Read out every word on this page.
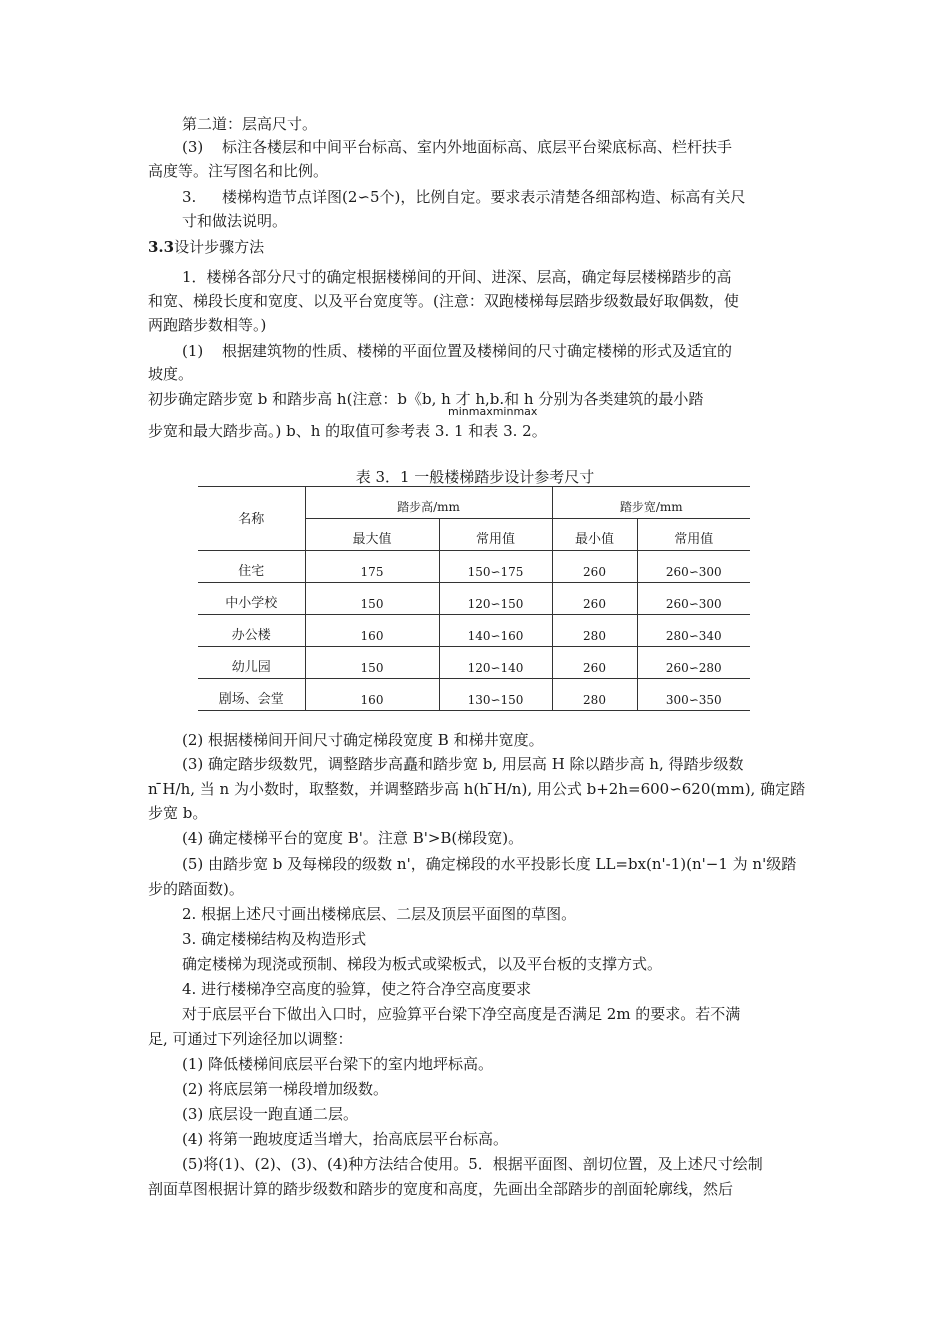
第二道：层高尺寸。
(3) 标注各楼层和中间平台标高、室内外地面标高、底层平台梁底标高、栏杆扶手
高度等。注写图名和比例。
3. 楼梯构造节点详图(2∽5个)，比例自定。要求表示清楚各细部构造、标高有关尺
寸和做法说明。
3.3设计步骤方法
1．楼梯各部分尺寸的确定根据楼梯间的开间、进深、层高，确定每层楼梯踏步的高
和宽、梯段长度和宽度、以及平台宽度等。(注意：双跑楼梯每层踏步级数最好取偶数，使
两跑踏步数相等。)
(1) 根据建筑物的性质、楼梯的平面位置及楼梯间的尺寸确定楼梯的形式及适宜的
坡度。
初步确定踏步宽 b 和踏步高 h(注意：b《b, h 才 h,b.和 h 分别为各类建筑的最小踏
minmaxminmax
步宽和最大踏步高。) b、h 的取值可参考表 3. 1 和表 3. 2。
表 3．1 一般楼梯踏步设计参考尺寸
名称	踏步高/mm		踏步宽/mm	
	最大值	常用值	最小值	常用值
住宅	175	150∽175	260	260∽300
中小学校	150	120∽150	260	260∽300
办公楼	160	140∽160	280	280∽340
幼儿园	150	120∽140	260	260∽280
剧场、会堂	160	130∽150	280	300∽350
(2) 根据楼梯间开间尺寸确定梯段宽度 B 和梯井宽度。
(3) 确定踏步级数咒，调整踏步高矗和踏步宽 b, 用层高 H 除以踏步高 h, 得踏步级数
n ̄H/h, 当 n 为小数时，取整数，并调整踏步高 h(h ̄H/n), 用公式 b+2h=600∽620(mm), 确定踏
步宽 b。
(4) 确定楼梯平台的宽度 B'。注意 B'>B(梯段宽)。
(5) 由踏步宽 b 及每梯段的级数 n'，确定梯段的水平投影长度 LL=bx(n'-1)(n'−1 为 n'级踏
步的踏面数)。
2. 根据上述尺寸画出楼梯底层、二层及顶层平面图的草图。
3. 确定楼梯结构及构造形式
确定楼梯为现浇或预制、梯段为板式或梁板式，以及平台板的支撑方式。
4. 进行楼梯净空高度的验算，使之符合净空高度要求
对于底层平台下做出入口时，应验算平台梁下净空高度是否满足 2m 的要求。若不满
足, 可通过下列途径加以调整：
(1) 降低楼梯间底层平台梁下的室内地坪标高。
(2) 将底层第一梯段增加级数。
(3) 底层设一跑直通二层。
(4) 将第一跑坡度适当增大，抬高底层平台标高。
(5)将(1)、(2)、(3)、(4)种方法结合使用。5．根据平面图、剖切位置，及上述尺寸绘制
剖面草图根据计算的踏步级数和踏步的宽度和高度，先画出全部踏步的剖面轮廓线，然后
